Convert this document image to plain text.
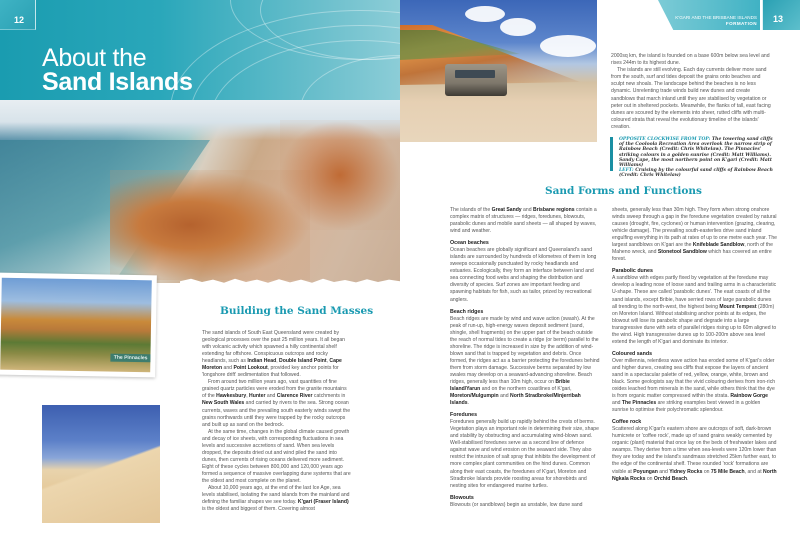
12
About the
Sand Islands
The Pinnacles
Building the Sand Masses

The sand islands of South East Queensland were created by geological processes over the past 25 million years. It all began with volcanic activity which spawned a hilly continental shelf extending far offshore. Conspicuous outcrops and rocky headlands, such as Indian Head, Double Island Point, Cape Moreton and Point Lookout, provided key anchor points for 'longshore drift' sedimentation that followed.

From around two million years ago, vast quantities of fine grained quartz particles were eroded from the granite mountains of the Hawkesbury, Hunter and Clarence River catchments in New South Wales and carried by rivers to the sea. Strong ocean currents, waves and the prevailing south easterly winds swept the grains northwards until they were trapped by the rocky outcrops and built up as sand on the bedrock.

At the same time, changes in the global climate caused growth and decay of ice sheets, with corresponding fluctuations in sea levels and successive accretions of sand. When sea levels dropped, the deposits dried out and wind piled the sand into dunes, then currents of rising oceans delivered more sediment. Eight of these cycles between 800,000 and 120,000 years ago formed a sequence of massive overlapping dune systems that are the oldest and most complete on the planet.

About 10,000 years ago, at the end of the last Ice Age, sea levels stabilised, isolating the sand islands from the mainland and defining the familiar shapes we see today. K'gari (Fraser Island) is the oldest and biggest of them. Covering almost

K'GARI AND THE BRISBANE ISLANDS
FORMATION 13

2000sq km, the island is founded on a base 600m below sea level and rises 244m to its highest dune.

The islands are still evolving. Each day currents deliver more sand from the south, surf and tides deposit the grains onto beaches and sculpt new shoals. The landscape behind the beaches is no less dynamic. Unrelenting trade winds build new dunes and create sandblows that march inland until they are stabilised by vegetation or peter out in sheltered pockets. Meanwhile, the flanks of tall, east facing dunes are scoured by the elements into sheer, rutted cliffs with multi-coloured strata that reveal the evolutionary timeline of the islands' creation.

OPPOSITE CLOCKWISE FROM TOP: The towering sand cliffs of the Cooloola Recreation Area overlook the narrow strip of Rainbow Beach (Credit: Chris Whitelaw). The Pinnacles' striking colours in a golden sunrise (Credit: Matt Williams). Sandy Cape, the most northern point on K'gari (Credit: Matt Williams)
LEFT: Cruising by the colourful sand cliffs of Rainbow Beach (Credit: Chris Whitelaw)
Sand Forms and Functions

The islands of the Great Sandy and Brisbane regions contain a complex matrix of structures — ridges, foredunes, blowouts, parabolic dunes and mobile sand sheets — all shaped by waves, wind and weather.

Ocean beaches

Ocean beaches are globally significant and Queensland's sand islands are surrounded by hundreds of kilometres of them in long sweeps occasionally punctuated by rocky headlands and estuaries. Ecologically, they form an interface between land and sea connecting food webs and shaping the distribution and diversity of species. Surf zones are important feeding and spawning habitats for fish, such as tailor, prized by recreational anglers.

Beach ridges

Beach ridges are made by wind and wave action (swash). At the peak of run-up, high-energy waves deposit sediment (sand, shingle, shell fragments) on the upper part of the beach outside the reach of normal tides to create a ridge (or berm) parallel to the shoreline. The ridge is increased in size by the addition of wind-blown sand that is trapped by vegetation and debris. Once formed, the ridges act as a barrier protecting the foredunes behind them from storm damage. Successive berms separated by low swales may develop on a seaward-advancing shoreline. Beach ridges, generally less than 10m high, occur on Bribie Island/Yarun and on the northern coastlines of K'gari, Moreton/Mulgumpin and North Stradbroke/Minjerribah Islands.

Foredunes

Foredunes generally build up rapidly behind the crests of berms. Vegetation plays an important role in determining their size, shape and stability by obstructing and accumulating wind-blown sand. Well-stabilised foredunes serve as a second line of defence against wave and wind erosion on the seaward side. They also restrict the intrusion of salt spray that inhibits the development of more complex plant communities on the hind dunes. Common along their east coasts, the foredunes of K'gari, Moreton and Stradbroke Islands provide roosting areas for shorebirds and nesting sites for endangered marine turtles.

Blowouts

Blowouts (or sandblows) begin as unstable, low dune sand

sheets, generally less than 30m high. They form when strong onshore winds sweep through a gap in the foredune vegetation created by natural causes (drought, fire, cyclones) or human intervention (grazing, clearing, vehicle damage). The prevailing south-easterlies drive sand inland engulfing everything in its path at rates of up to one metre each year. The largest sandblows on K'gari are the Knifeblade Sandblow, north of the Maheno wreck, and Stonetool Sandblow which has covered an entire forest.

Parabolic dunes

A sandblow with edges partly fixed by vegetation at the foredune may develop a leading nose of loose sand and trailing arms in a characteristic U-shape. These are called 'parabolic dunes'. The east coasts of all the sand islands, except Bribie, have serried rows of large parabolic dunes all trending to the north-west, the highest being Mount Tempest (280m) on Moreton Island. Without stabilising anchor points at its edges, the blowout will lose its parabolic shape and degrade into a large transgressive dune with sets of parallel ridges rising up to 60m aligned to the wind. High transgressive dunes up to 100-200m above sea level extend the length of K'gari and dominate its interior.

Coloured sands

Over millennia, relentless wave action has eroded some of K'gari's older and higher dunes, creating sea cliffs that expose the layers of ancient sand in a spectacular palette of red, yellow, orange, white, brown and black. Some geologists say that the vivid colouring derives from iron-rich oxides leached from minerals in the sand, while others think that the dye is from organic matter compressed within the strata. Rainbow Gorge and The Pinnacles are striking examples best viewed in a golden sunrise to optimise their polychromatic splendour.

Coffee rock

Scattered along K'gari's eastern shore are outcrops of soft, dark-brown humicrete or 'coffee rock', made up of sand grains weakly cemented by organic (plant) material that once lay on the beds of freshwater lakes and swamps. They derive from a time when sea-levels were 120m lower than they are today and the island's sandmass stretched 25km further east, to the edge of the continental shelf. These rounded 'rock' formations are visible at Poyungan and Yidney Rocks on 75 Mile Beach, and at North Ngkala Rocks on Orchid Beach.
